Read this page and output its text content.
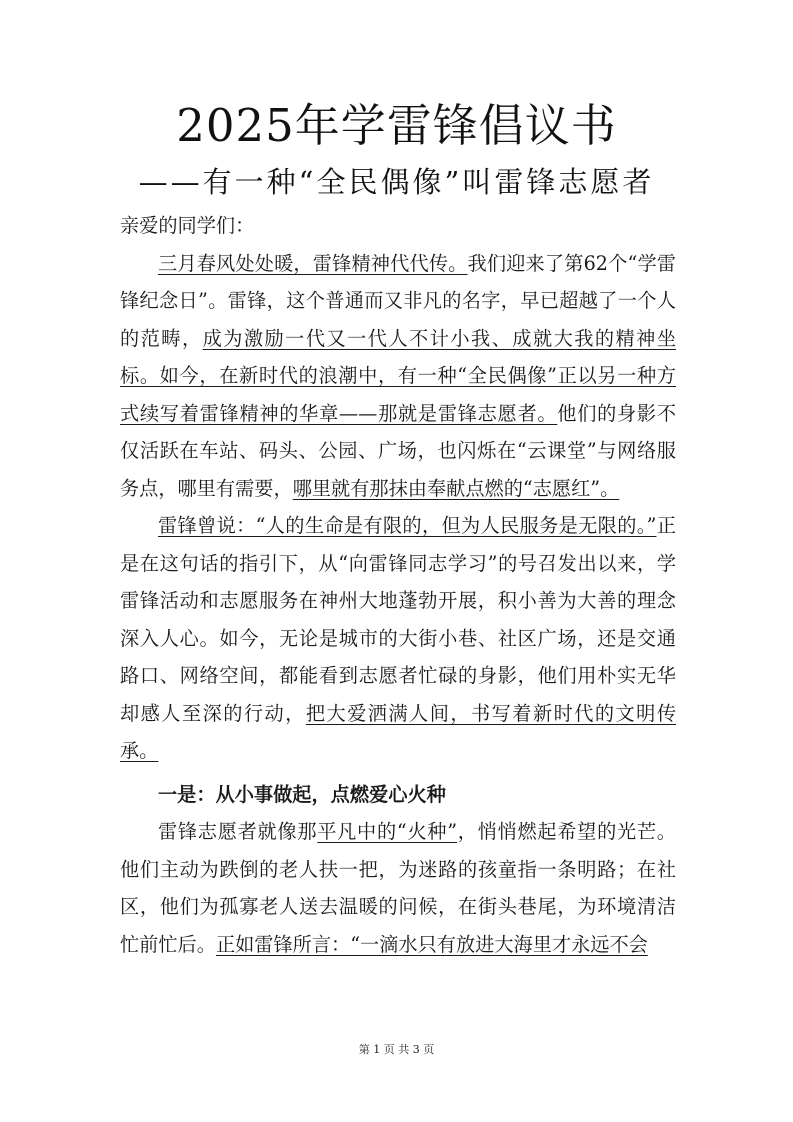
2025年学雷锋倡议书
——有一种“全民偶像”叫雷锋志愿者

亲爱的同学们：

三月春风处处暖，雷锋精神代代传。我们迎来了第62个“学雷锋纪念日”。雷锋，这个普通而又非凡的名字，早已超越了一个人的范畴，成为激励一代又一代人不计小我、成就大我的精神坐标。如今，在新时代的浪潮中，有一种“全民偶像”正以另一种方式续写着雷锋精神的华章——那就是雷锋志愿者。他们的身影不仅活跃在车站、码头、公园、广场，也闪烁在“云课堂”与网络服务点，哪里有需要，哪里就有那抹由奉献点燃的“志愿红”。

雷锋曾说：“人的生命是有限的，但为人民服务是无限的。”正是在这句话的指引下，从“向雷锋同志学习”的号召发出以来，学雷锋活动和志愿服务在神州大地蓬勃开展，积小善为大善的理念深入人心。如今，无论是城市的大街小巷、社区广场，还是交通路口、网络空间，都能看到志愿者忙碌的身影，他们用朴实无华却感人至深的行动，把大爱洒满人间，书写着新时代的文明传承。

一是：从小事做起，点燃爱心火种

雷锋志愿者就像那平凡中的“火种”，悄悄燃起希望的光芒。他们主动为跌倒的老人扶一把，为迷路的孩童指一条明路；在社区，他们为孤寡老人送去温暖的问候，在街头巷尾，为环境清洁忙前忙后。正如雷锋所言：“一滴水只有放进大海里才永远不会

第 1 页 共 3 页
